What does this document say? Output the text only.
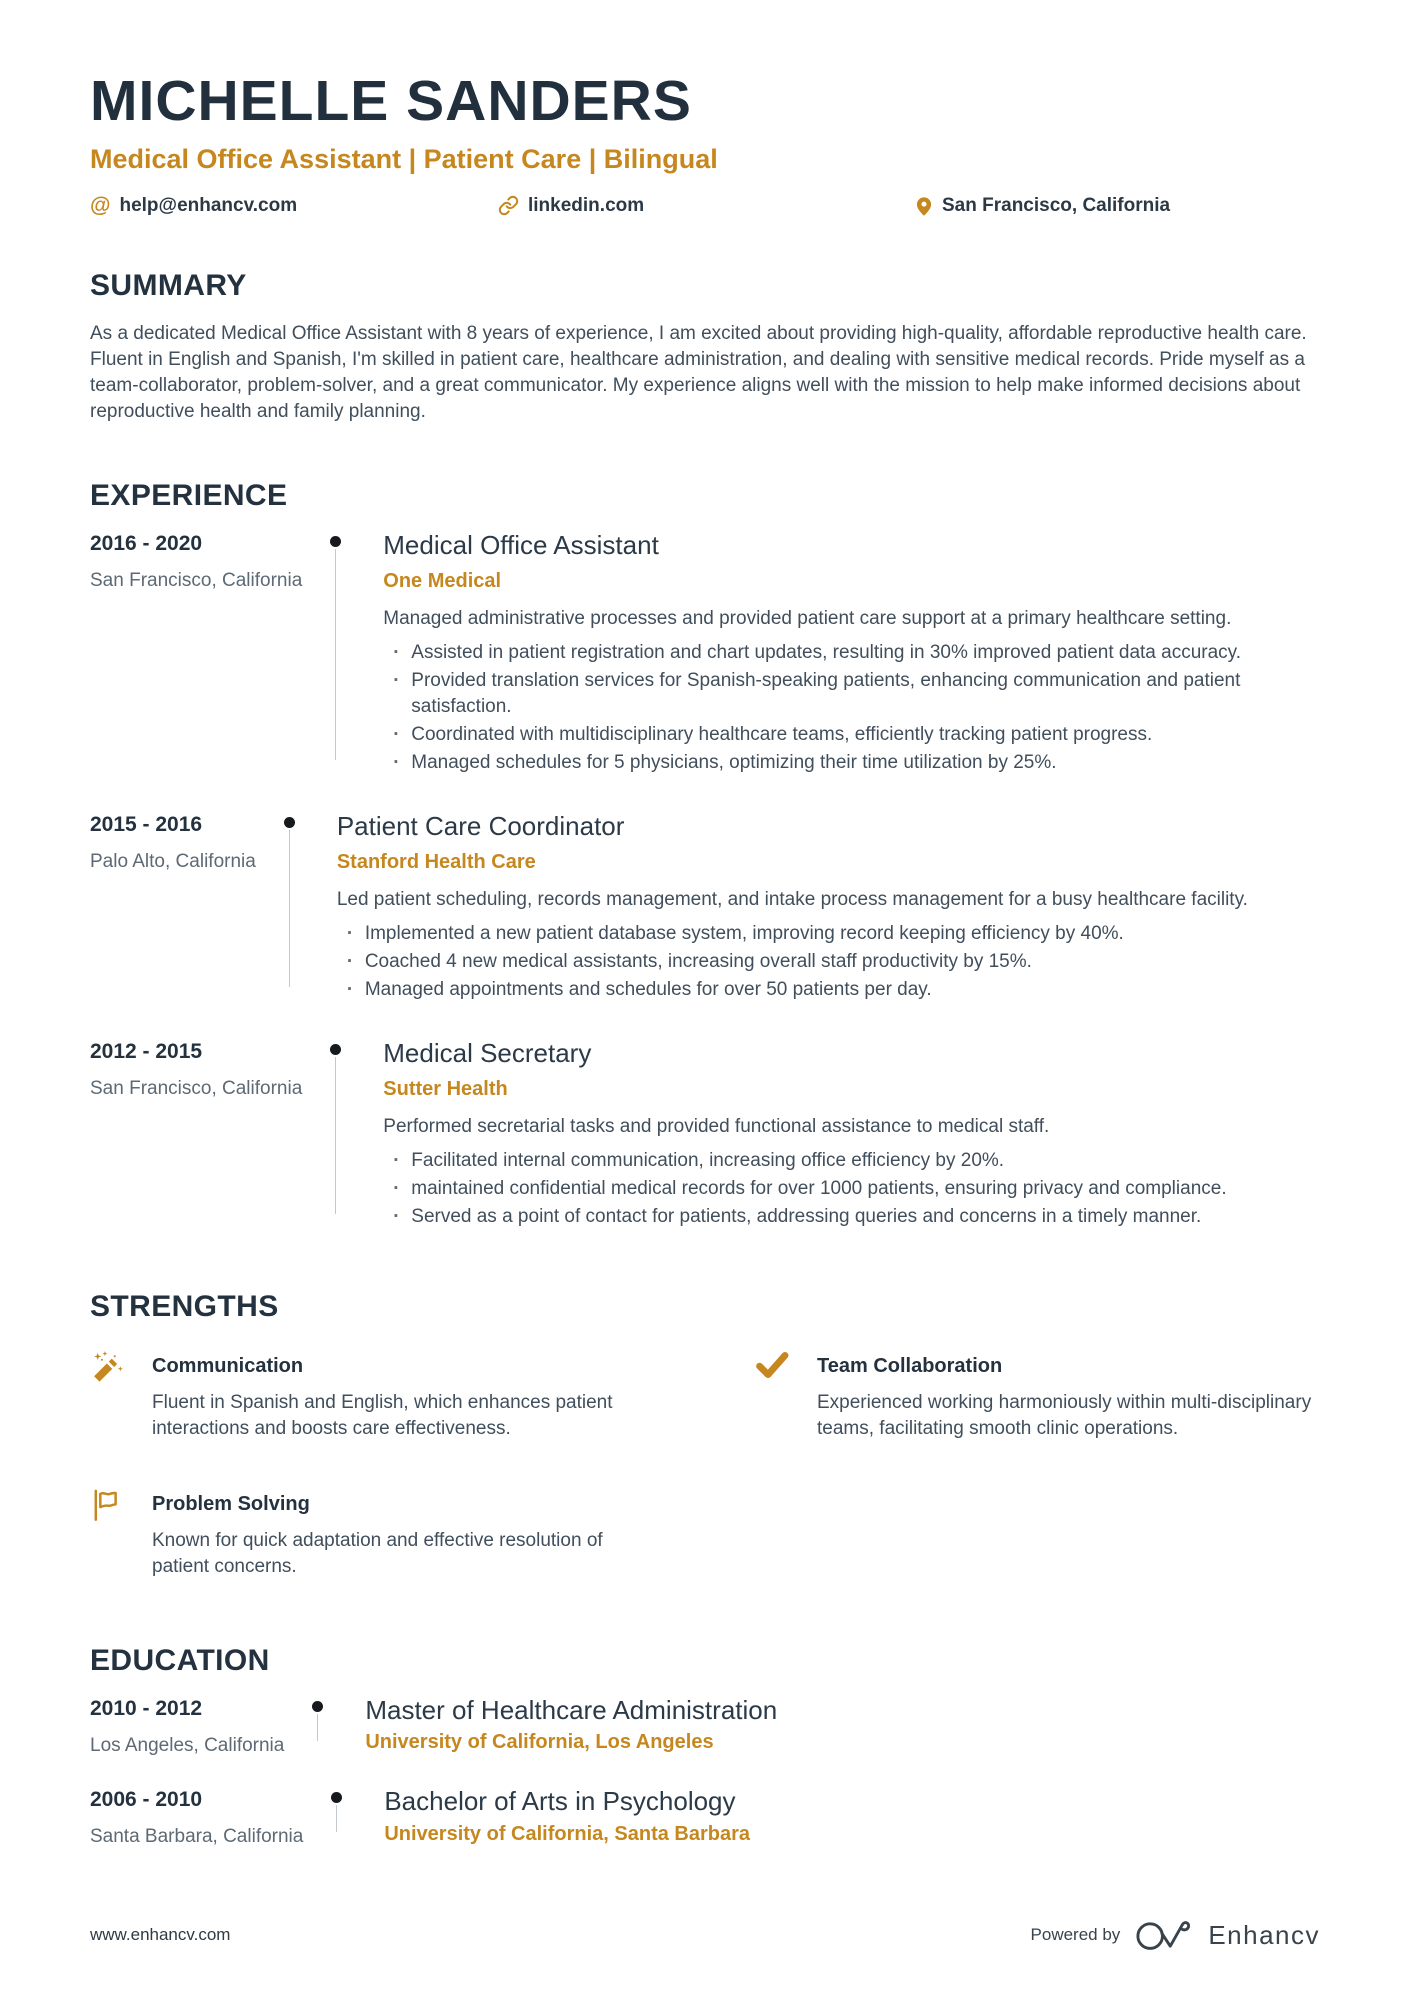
MICHELLE SANDERS
Medical Office Assistant | Patient Care | Bilingual
@ help@enhancv.com	linkedin.com	San Francisco, California
SUMMARY

As a dedicated Medical Office Assistant with 8 years of experience, I am excited about providing high-quality, affordable reproductive health care. Fluent in English and Spanish, I'm skilled in patient care, healthcare administration, and dealing with sensitive medical records. Pride myself as a team-collaborator, problem-solver, and a great communicator. My experience aligns well with the mission to help make informed decisions about reproductive health and family planning.

EXPERIENCE
2016 - 2020
San Francisco, California
Medical Office Assistant
One Medical

Managed administrative processes and provided patient care support at a primary healthcare setting.

· Assisted in patient registration and chart updates, resulting in 30% improved patient data accuracy.
· Provided translation services for Spanish-speaking patients, enhancing communication and patient satisfaction.
· Coordinated with multidisciplinary healthcare teams, efficiently tracking patient progress.
· Managed schedules for 5 physicians, optimizing their time utilization by 25%.
2015 - 2016
Palo Alto, California
Patient Care Coordinator
Stanford Health Care

Led patient scheduling, records management, and intake process management for a busy healthcare facility.

· Implemented a new patient database system, improving record keeping efficiency by 40%.
· Coached 4 new medical assistants, increasing overall staff productivity by 15%.
· Managed appointments and schedules for over 50 patients per day.
2012 - 2015
San Francisco, California
Medical Secretary
Sutter Health

Performed secretarial tasks and provided functional assistance to medical staff.

· Facilitated internal communication, increasing office efficiency by 20%.
· maintained confidential medical records for over 1000 patients, ensuring privacy and compliance.
· Served as a point of contact for patients, addressing queries and concerns in a timely manner.
STRENGTHS
Communication
Fluent in Spanish and English, which enhances patient interactions and boosts care effectiveness.
Team Collaboration
Experienced working harmoniously within multi-disciplinary teams, facilitating smooth clinic operations.
Problem Solving
Known for quick adaptation and effective resolution of patient concerns.
EDUCATION
2010 - 2012
Los Angeles, California
Master of Healthcare Administration
University of California, Los Angeles
2006 - 2010
Santa Barbara, California
Bachelor of Arts in Psychology
University of California, Santa Barbara
www.enhancv.com	Powered by	Enhancv
